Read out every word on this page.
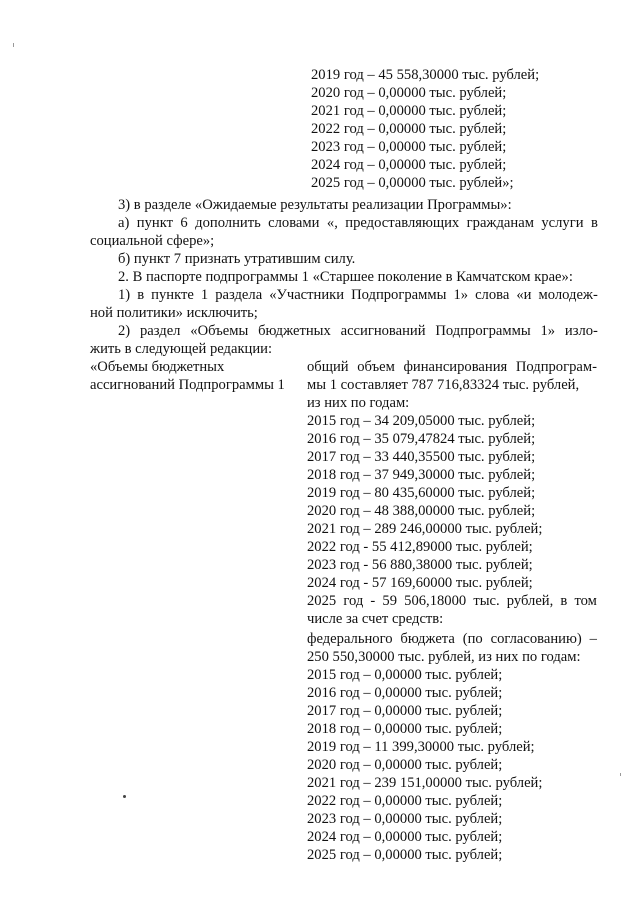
2019 год – 45 558,30000 тыс. рублей;
2020 год – 0,00000 тыс. рублей;
2021 год – 0,00000 тыс. рублей;
2022 год – 0,00000 тыс. рублей;
2023 год – 0,00000 тыс. рублей;
2024 год – 0,00000 тыс. рублей;
2025 год – 0,00000 тыс. рублей»;
3) в разделе «Ожидаемые результаты реализации Программы»:
а) пункт 6 дополнить словами «, предоставляющих гражданам услуги в
социальной сфере»;
б) пункт 7 признать утратившим силу.
2. В паспорте подпрограммы 1 «Старшее поколение в Камчатском крае»:
1) в пункте 1 раздела «Участники Подпрограммы 1» слова «и молодеж-
ной политики» исключить;
2) раздел «Объемы бюджетных ассигнований Подпрограммы 1» изло-
жить в следующей редакции:
«Объемы бюджетных
ассигнований Подпрограммы 1
общий объем финансирования Подпрограм-
мы 1 составляет 787 716,83324 тыс. рублей,
из них по годам:
2015 год – 34 209,05000 тыс. рублей;
2016 год – 35 079,47824 тыс. рублей;
2017 год – 33 440,35500 тыс. рублей;
2018 год – 37 949,30000 тыс. рублей;
2019 год – 80 435,60000 тыс. рублей;
2020 год – 48 388,00000 тыс. рублей;
2021 год – 289 246,00000 тыс. рублей;
2022 год - 55 412,89000 тыс. рублей;
2023 год - 56 880,38000 тыс. рублей;
2024 год - 57 169,60000 тыс. рублей;
2025 год - 59 506,18000 тыс. рублей, в том
числе за счет средств:
федерального бюджета (по согласованию) –
250 550,30000 тыс. рублей, из них по годам:
2015 год – 0,00000 тыс. рублей;
2016 год – 0,00000 тыс. рублей;
2017 год – 0,00000 тыс. рублей;
2018 год – 0,00000 тыс. рублей;
2019 год – 11 399,30000 тыс. рублей;
2020 год – 0,00000 тыс. рублей;
2021 год – 239 151,00000 тыс. рублей;
2022 год – 0,00000 тыс. рублей;
2023 год – 0,00000 тыс. рублей;
2024 год – 0,00000 тыс. рублей;
2025 год – 0,00000 тыс. рублей;
